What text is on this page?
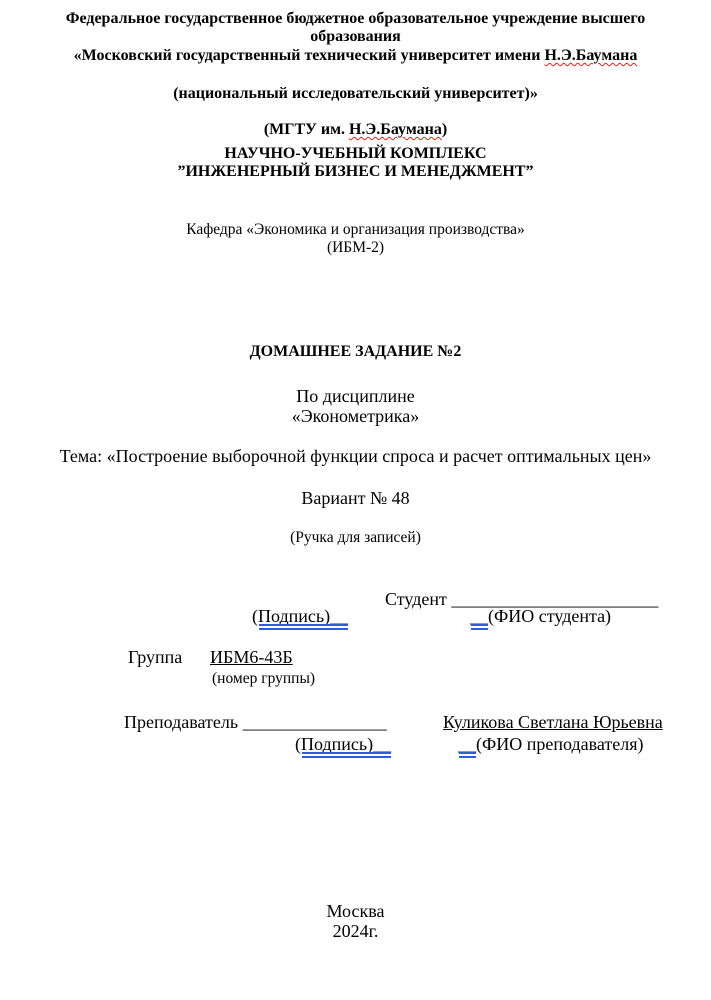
Федеральное государственное бюджетное образовательное учреждение высшего
образования
«Московский государственный технический университет имени Н.Э.Баумана
(национальный исследовательский университет)»
(МГТУ им. Н.Э.Баумана)
НАУЧНО-УЧЕБНЫЙ КОМПЛЕКС
”ИНЖЕНЕРНЫЙ БИЗНЕС И МЕНЕДЖМЕНТ”
Кафедра «Экономика и организация производства»
(ИБМ-2)
ДОМАШНЕЕ ЗАДАНИЕ №2
По дисциплине
«Эконометрика»
Тема: «Построение выборочной функции спроса и расчет оптимальных цен»
Вариант № 48
(Ручка для записей)
Студент _______________________
(Подпись)__	__(ФИО студента)
Группа ИБМ6-43Б
(номер группы)
Преподаватель ________________	Куликова Светлана Юрьевна
(Подпись)__	__(ФИО преподавателя)
Москва
2024г.
